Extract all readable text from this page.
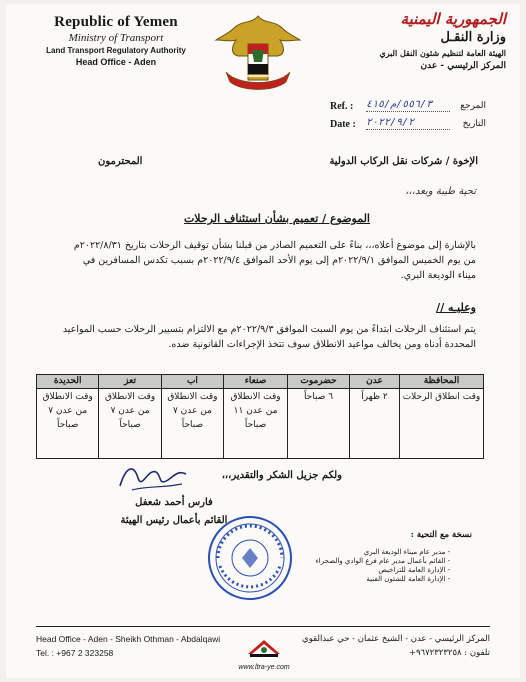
Republic of Yemen
Ministry of Transport
Land Transport Regulatory Authority
Head Office - Aden
الجمهورية اليمنية
وزارة النقـل
الهيئة العامة لتنظيم شئون النقل البري
المركز الرئيسي - عدن
Ref. : ٥٥٦/٣/م/٤١٥	المرجع
Date : ٢٠٢٢/٩/٢	التاريخ
الإخوة / شركات نقل الركاب الدولية
المحترمون
تحية طيبة وبعد،،،
الموضوع / تعميم بشأن استئناف الرحلات
بالإشارة إلى موضوع أعلاه،،، بناءً على التعميم الصادر من قبلنا بشأن توقيف الرحلات بتاريخ ٢٠٢٢/٨/٣١م من يوم الخميس الموافق ٢٠٢٢/٩/١م إلى يوم الأحد الموافق ٢٠٢٢/٩/٤م بسبب تكدس المسافرين في ميناء الوديعة البري.
وعليـه //
يتم استئناف الرحلات ابتداءً من يوم السبت الموافق ٢٠٢٢/٩/٣م مع الالتزام بتسيير الرحلات حسب المواعيد المحددة أدناه ومن يخالف مواعيد الانطلاق سوف تتخذ الإجراءات القانونية ضده.
المحافظة	عدن	حضرموت	صنعاء	اب	تعز	الحديدة
وقت انطلاق الرحلات	٢ ظهراً	٦ صباحاً	وقت الانطلاق من عدن ١١ صباحاً	وقت الانطلاق من عدن ٧ صباحاً	وقت الانطلاق من عدن ٧ صباحاً	وقت الانطلاق من عدن ٧ صباحاً
ولكم جزيل الشكر والتقدير،،،
فارس أحمد شعفل
القائم بأعمال رئيس الهيئة
نسخة مع التحية :
- مدير عام ميناء الوديعة البري
- القائم بأعمال مدير عام فرع الوادي والصحراء
- الإدارة العامة للتراخيص
- الإدارة العامة للشئون الفنية
Head Office - Aden - Sheikh Othman - Abdalqawi
Tel. : +967 2 323258
www.ltra-ye.com
المركز الرئيسي - عدن - الشيخ عثمان - حي عبدالقوي
تلفون : ٩٦٧٢٣٢٣٢٥٨+
